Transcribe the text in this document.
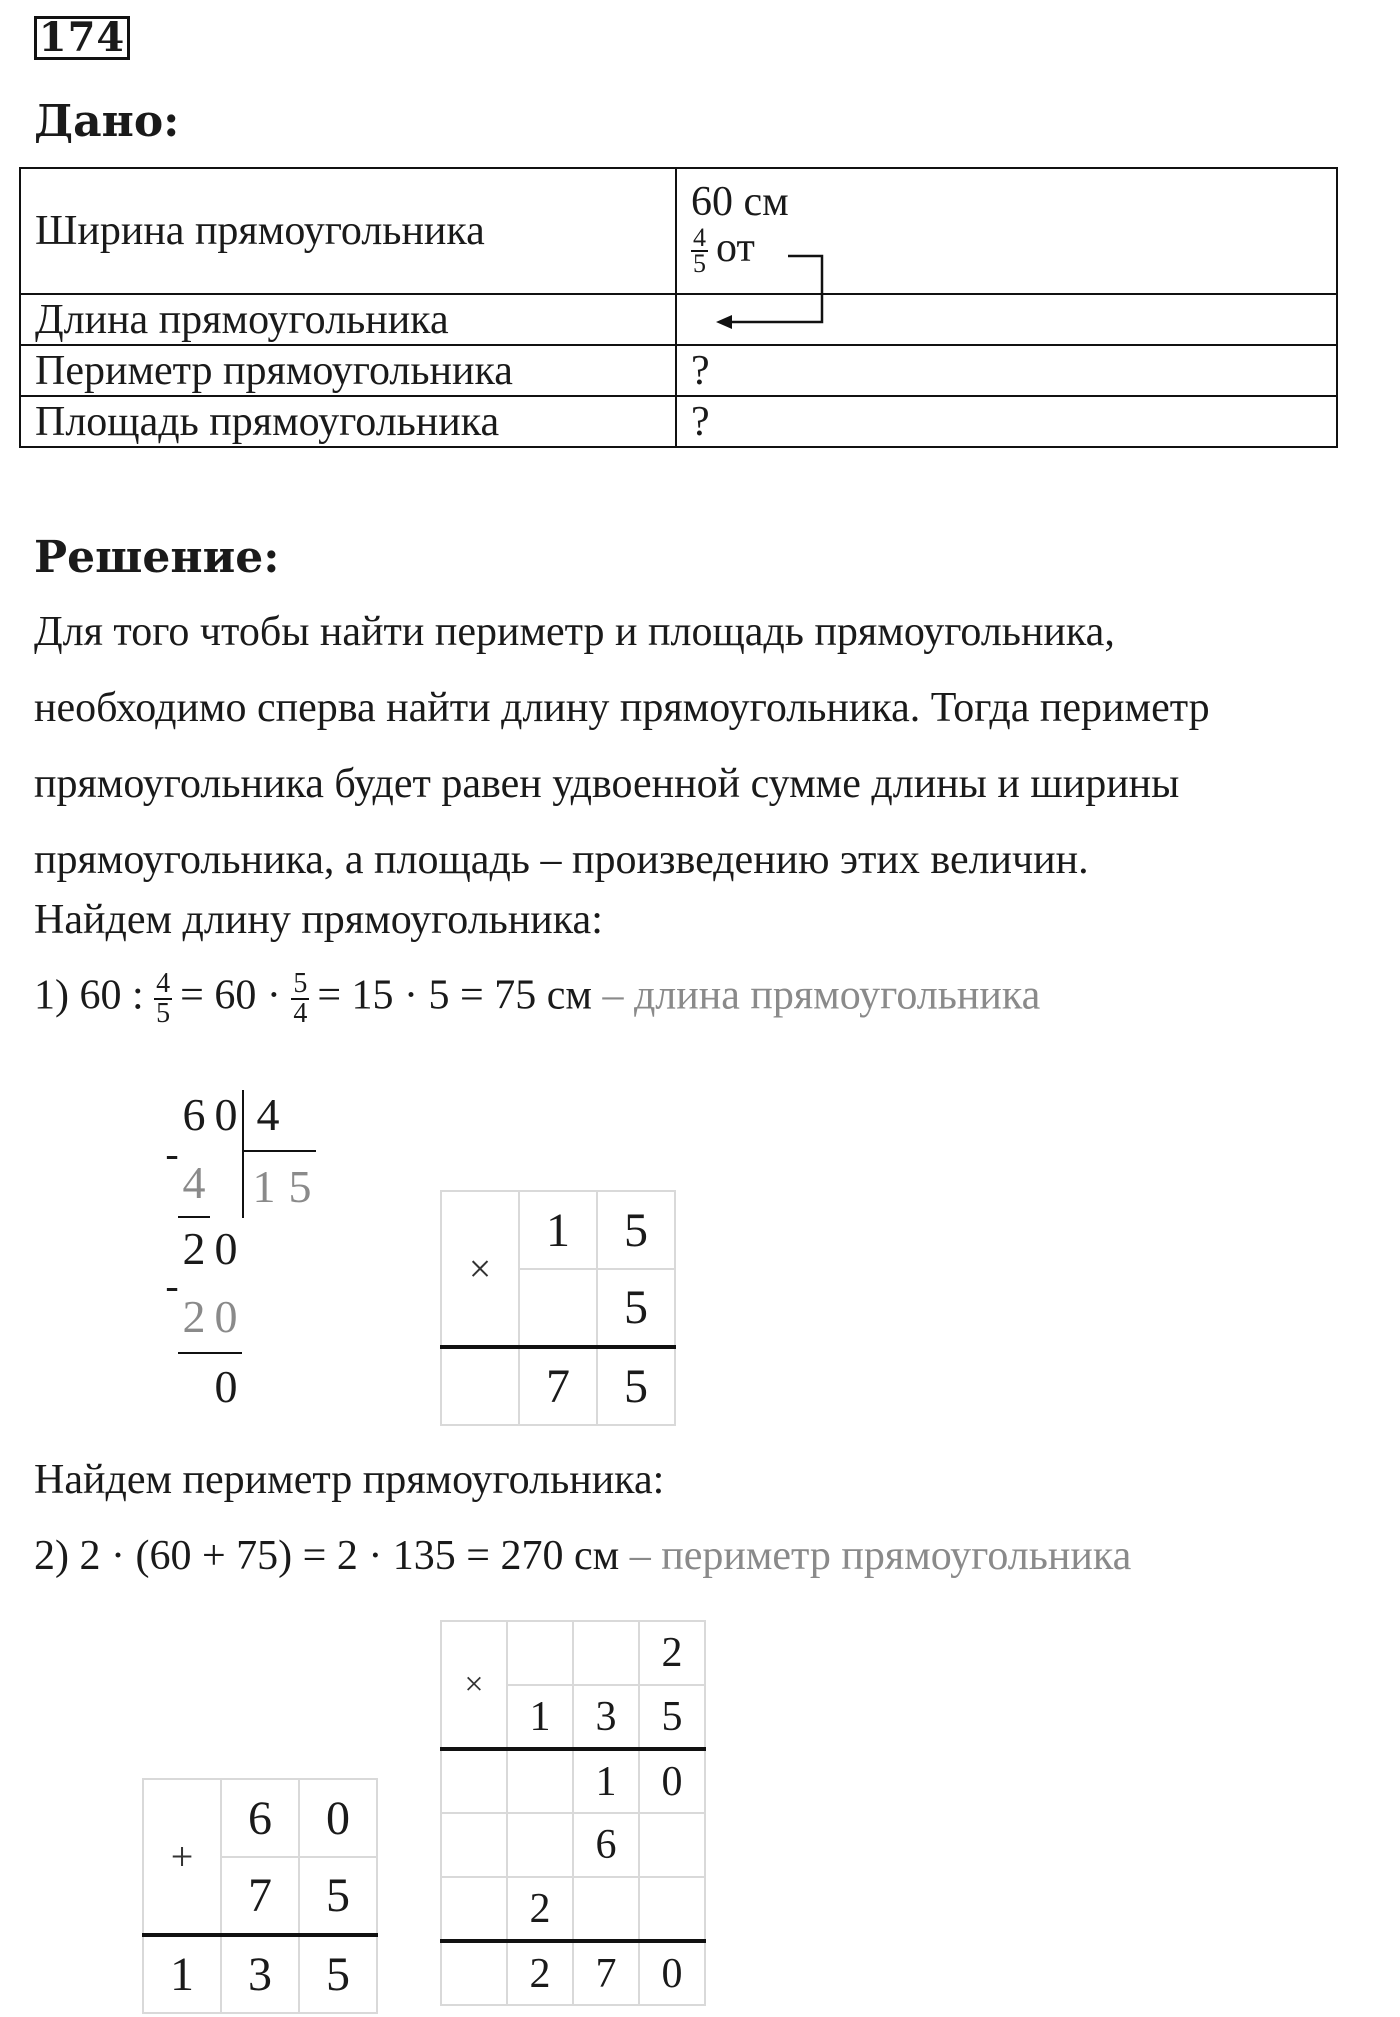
174
Дано:
Ширина прямоугольника	60 см
$\frac{4}{5}$ от

Длина прямоугольника	
Периметр прямоугольника	?
Площадь прямоугольника	?
Решение:
Для того чтобы найти периметр и площадь прямоугольника,
необходимо сперва найти длину прямоугольника. Тогда периметр
прямоугольника будет равен удвоенной сумме длины и ширины
прямоугольника, а площадь – произведению этих величин.
Найдем длину прямоугольника:
1) 60 : $\frac{4}{5} = 60 \cdot \frac{5}{4} = 15 \cdot 5 = 75$ см – длина прямоугольника
6 0 4
1 5
-
4
2 0
-
2 0
0
×	1	5
		5
	7	5
Найдем периметр прямоугольника:
2) 2 · (60 + 75) = 2 · 135 = 270 см – периметр прямоугольника
+	6	0
	7	5
1	3	5
×			2
	1	3	5
		1	0
		6	
	2		
	2	7	0
